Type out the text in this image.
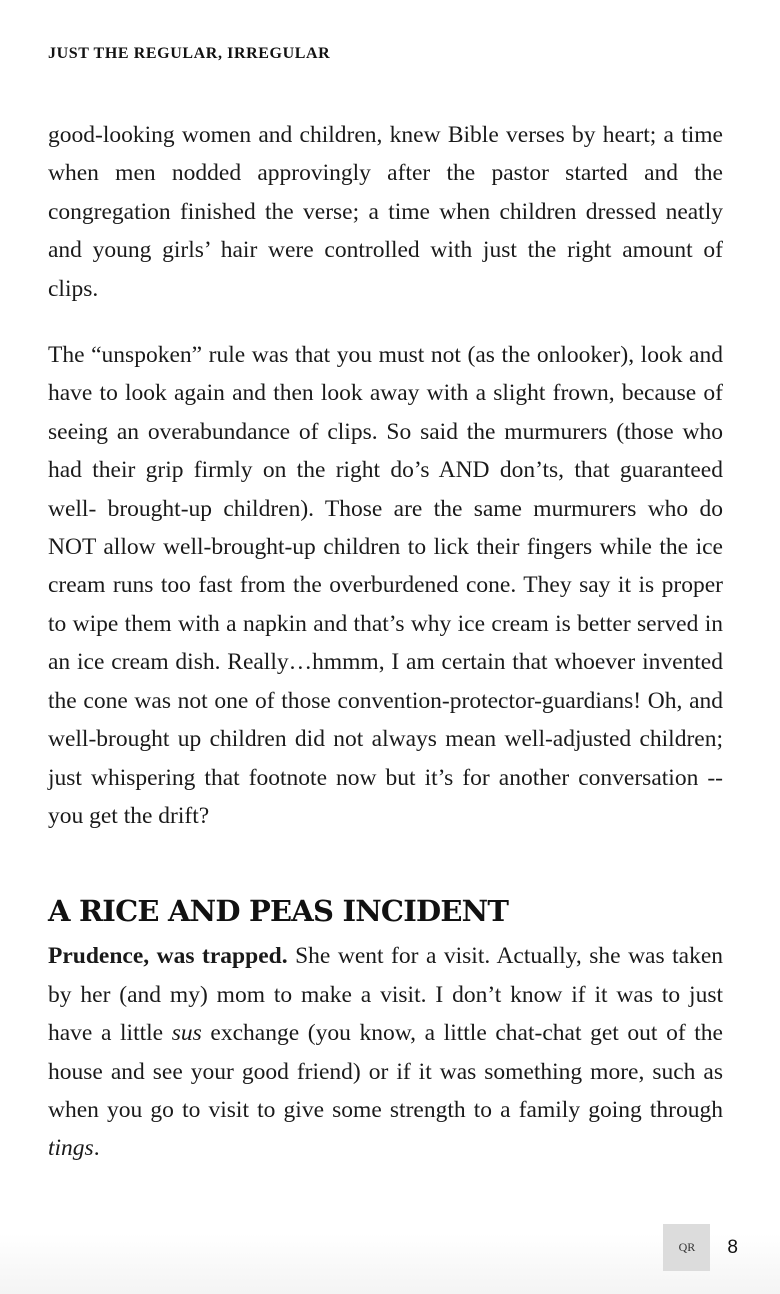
JUST THE REGULAR, IRREGULAR

good-looking women and children, knew Bible verses by heart; a time when men nodded approvingly after the pastor started and the congregation finished the verse; a time when children dressed neatly and young girls’ hair were controlled with just the right amount of clips.

The “unspoken” rule was that you must not (as the onlooker), look and have to look again and then look away with a slight frown, because of seeing an overabundance of clips. So said the murmurers (those who had their grip firmly on the right do’s AND don’ts, that guaranteed well- brought-up children). Those are the same murmurers who do NOT allow well-brought-up children to lick their fingers while the ice cream runs too fast from the overburdened cone. They say it is proper to wipe them with a napkin and that’s why ice cream is better served in an ice cream dish. Really…hmmm, I am certain that whoever invented the cone was not one of those convention-protector-guardians! Oh, and well-brought up children did not always mean well-adjusted children; just whispering that footnote now but it’s for another conversation -- you get the drift?

A RICE AND PEAS INCIDENT

Prudence, was trapped. She went for a visit. Actually, she was taken by her (and my) mom to make a visit. I don’t know if it was to just have a little sus exchange (you know, a little chat-chat get out of the house and see your good friend) or if it was something more, such as when you go to visit to give some strength to a family going through tings.

QR 8
